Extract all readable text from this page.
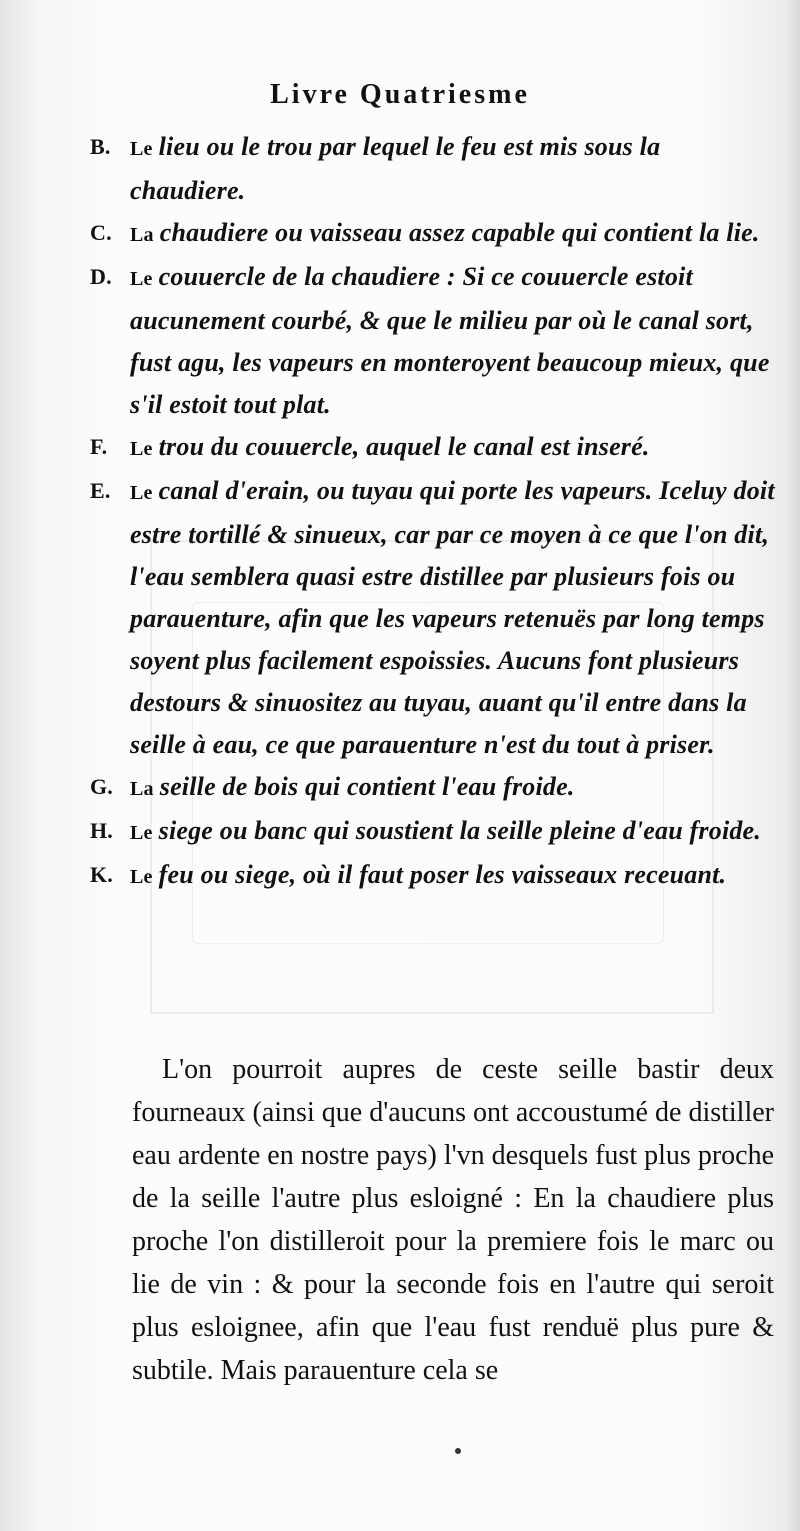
Livre Quatriesme
B. Le lieu ou le trou par lequel le feu est mis sous la chaudiere.
C. La chaudiere ou vaisseau assez capable qui contient la lie.
D. Le couuercle de la chaudiere : Si ce couuercle estoit aucunement courbé, & que le milieu par où le canal sort, fust agu, les vapeurs en monteroyent beaucoup mieux, que s'il estoit tout plat.
F. Le trou du couuercle, auquel le canal est inseré.
E. Le canal d'erain, ou tuyau qui porte les vapeurs. Iceluy doit estre tortillé & sinueux, car par ce moyen à ce que l'on dit, l'eau semblera quasi estre distillee par plusieurs fois ou parauenture, afin que les vapeurs retenuës par long temps soyent plus facilement espoissies. Aucuns font plusieurs destours & sinuositez au tuyau, auant qu'il entre dans la seille à eau, ce que parauenture n'est du tout à priser.
G. La seille de bois qui contient l'eau froide.
H. Le siege ou banc qui soustient la seille pleine d'eau froide.
K. Le feu ou siege, où il faut poser les vaisseaux receuant.
L'on pourroit aupres de ceste seille bastir deux fourneaux (ainsi que d'aucuns ont accoustumé de distiller eau ardente en nostre pays) l'vn desquels fust plus proche de la seille l'autre plus esloigné : En la chaudiere plus proche l'on distilleroit pour la premiere fois le marc ou lie de vin : & pour la seconde fois en l'autre qui seroit plus esloignee, afin que l'eau fust renduë plus pure & subtile. Mais parauenture cela se
